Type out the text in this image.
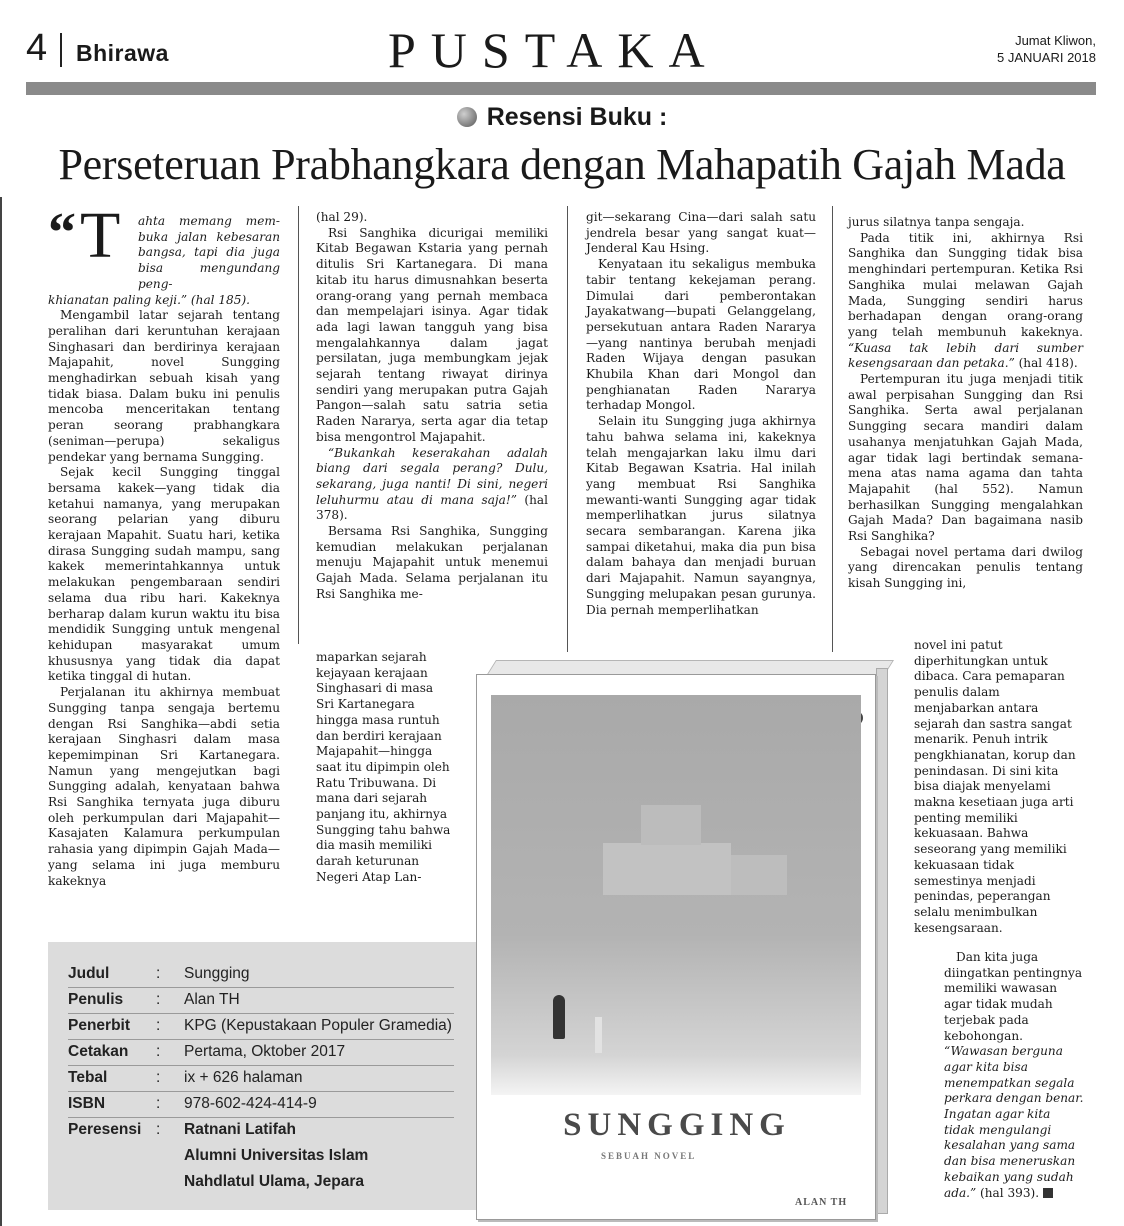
4 Bhirawa	PUSTAKA	Jumat Kliwon,
5 JANUARI 2018
Resensi Buku :
Perseteruan Prabhangkara dengan Mahapatih Gajah Mada
“ T	ahta memang mem-
buka jalan kebesaran
bangsa, tapi dia juga
bisa mengundang peng-

khianatan paling keji.” (hal 185).

Mengambil latar sejarah tentang peralihan dari keruntuhan kerajaan Singhasari dan berdirinya kerajaan Majapahit, novel Sungging menghadirkan sebuah kisah yang tidak biasa. Dalam buku ini penulis mencoba menceritakan tentang peran seorang prabhangkara (seniman—perupa) sekaligus pendekar yang bernama Sungging.

Sejak kecil Sungging tinggal bersama kakek—yang tidak dia ketahui namanya, yang merupakan seorang pelarian yang diburu kerajaan Mapahit. Suatu hari, ketika dirasa Sungging sudah mampu, sang kakek memerintahkannya untuk melakukan pengembaraan sendiri selama dua ribu hari. Kakeknya berharap dalam kurun waktu itu bisa mendidik Sungging untuk mengenal kehidupan masyarakat umum khususnya yang tidak dia dapat ketika tinggal di hutan.

Perjalanan itu akhirnya membuat Sungging tanpa sengaja bertemu dengan Rsi Sanghika—abdi setia kerajaan Singhasri dalam masa kepemimpinan Sri Kartanegara. Namun yang mengejutkan bagi Sungging adalah, kenyataan bahwa Rsi Sanghika ternyata juga diburu oleh perkumpulan dari Majapahit—Kasajaten Kalamura perkumpulan rahasia yang dipimpin Gajah Mada—yang selama ini juga memburu kakeknya

(hal 29).

Rsi Sanghika dicurigai memiliki Kitab Begawan Kstaria yang pernah ditulis Sri Kartanegara. Di mana kitab itu harus dimusnahkan beserta orang-orang yang pernah membaca dan mempelajari isinya. Agar tidak ada lagi lawan tangguh yang bisa mengalahkannya dalam jagat persilatan, juga membungkam jejak sejarah tentang riwayat dirinya sendiri yang merupakan putra Gajah Pangon—salah satu satria setia Raden Nararya, serta agar dia tetap bisa mengontrol Majapahit.

“Bukankah keserakahan adalah biang dari segala perang? Dulu, sekarang, juga nanti! Di sini, negeri leluhurmu atau di mana saja!” (hal 378).

Bersama Rsi Sanghika, Sungging kemudian melakukan perjalanan menuju Majapahit untuk menemui Gajah Mada. Selama perjalanan itu Rsi Sanghika me-

maparkan sejarah kejayaan kerajaan Singhasari di masa Sri Kartanegara hingga masa runtuh dan berdiri kerajaan Majapahit—hingga saat itu dipimpin oleh Ratu Tribuwana. Di mana dari sejarah panjang itu, akhirnya Sungging tahu bahwa dia masih memiliki darah keturunan Negeri Atap Lan-

git—sekarang Cina—dari salah satu jendrela besar yang sangat kuat—Jenderal Kau Hsing.

Kenyataan itu sekaligus membuka tabir tentang kekejaman perang. Dimulai dari pemberontakan Jayakatwang—bupati Gelanggelang, persekutuan antara Raden Nararya—yang nantinya berubah menjadi Raden Wijaya dengan pasukan Khubila Khan dari Mongol dan penghianatan Raden Nararya terhadap Mongol.

Selain itu Sungging juga akhirnya tahu bahwa selama ini, kakeknya telah mengajarkan laku ilmu dari Kitab Begawan Ksatria. Hal inilah yang membuat Rsi Sanghika mewanti-wanti Sungging agar tidak memperlihatkan jurus silatnya secara sembarangan. Karena jika sampai diketahui, maka dia pun bisa dalam bahaya dan menjadi buruan dari Majapahit. Namun sayangnya, Sungging melupakan pesan gurunya. Dia pernah memperlihatkan

jurus silatnya tanpa sengaja.

Pada titik ini, akhirnya Rsi Sanghika dan Sungging tidak bisa menghindari pertempuran. Ketika Rsi Sanghika mulai melawan Gajah Mada, Sungging sendiri harus berhadapan dengan orang-orang yang telah membunuh kakeknya. “Kuasa tak lebih dari sumber kesengsaraan dan petaka.” (hal 418).

Pertempuran itu juga menjadi titik awal perpisahan Sungging dan Rsi Sanghika. Serta awal perjalanan Sungging secara mandiri dalam usahanya menjatuhkan Gajah Mada, agar tidak lagi bertindak semana-mena atas nama agama dan tahta Majapahit (hal 552). Namun berhasilkan Sungging mengalahkan Gajah Mada? Dan bagaimana nasib Rsi Sanghika?

Sebagai novel pertama dari dwilog yang direncakan penulis tentang kisah Sungging ini,

novel ini patut diperhitungkan untuk dibaca. Cara pemaparan penulis dalam menjabarkan antara sejarah dan sastra sangat menarik. Penuh intrik pengkhianatan, korup dan penindasan. Di sini kita bisa diajak menyelami makna kesetiaan juga arti penting memiliki kekuasaan. Bahwa seseorang yang memiliki kekuasaan tidak semestinya menjadi penindas, peperangan selalu menimbulkan kesengsaraan.

Dan kita juga diingatkan pentingnya memiliki wawasan agar tidak mudah terjebak pada kebohongan. “Wawasan berguna agar kita bisa menempatkan segala perkara dengan benar. Ingatan agar kita tidak mengulangi kesalahan yang sama dan bisa meneruskan kebaikan yang sudah ada.” (hal 393).

Judul	: Sungging
Penulis	: Alan TH
Penerbit	: KPG (Kepustakaan Populer Gramedia)
Cetakan	: Pertama, Oktober 2017
Tebal	: ix + 626 halaman
ISBN	: 978-602-424-414-9
Peresensi : Ratnani Latifah
Alumni Universitas Islam
Nahdlatul Ulama, Jepara
SUNGGING
SEBUAH NOVEL
ALAN TH
